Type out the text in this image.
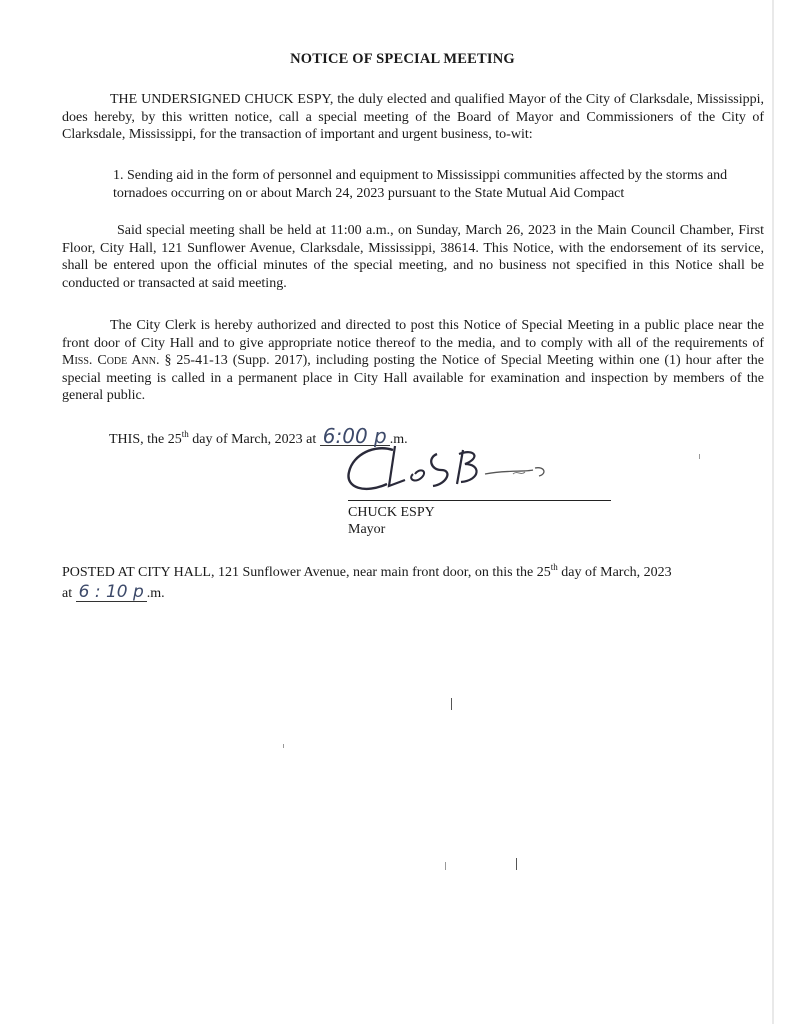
NOTICE OF SPECIAL MEETING
THE UNDERSIGNED CHUCK ESPY, the duly elected and qualified Mayor of the City of Clarksdale, Mississippi, does hereby, by this written notice, call a special meeting of the Board of Mayor and Commissioners of the City of Clarksdale, Mississippi, for the transaction of important and urgent business, to-wit:
1. Sending aid in the form of personnel and equipment to Mississippi communities affected by the storms and tornadoes occurring on or about March 24, 2023 pursuant to the State Mutual Aid Compact
Said special meeting shall be held at 11:00 a.m., on Sunday, March 26, 2023 in the Main Council Chamber, First Floor, City Hall, 121 Sunflower Avenue, Clarksdale, Mississippi, 38614. This Notice, with the endorsement of its service, shall be entered upon the official minutes of the special meeting, and no business not specified in this Notice shall be conducted or transacted at said meeting.
The City Clerk is hereby authorized and directed to post this Notice of Special Meeting in a public place near the front door of City Hall and to give appropriate notice thereof to the media, and to comply with all of the requirements of Miss. Code Ann. § 25-41-13 (Supp. 2017), including posting the Notice of Special Meeting within one (1) hour after the special meeting is called in a permanent place in City Hall available for examination and inspection by members of the general public.
THIS, the 25th day of March, 2023 at 6:00 p .m.
CHUCK ESPY
Mayor
POSTED AT CITY HALL, 121 Sunflower Avenue, near main front door, on this the 25th day of March, 2023
at 6 : 10 p .m.
